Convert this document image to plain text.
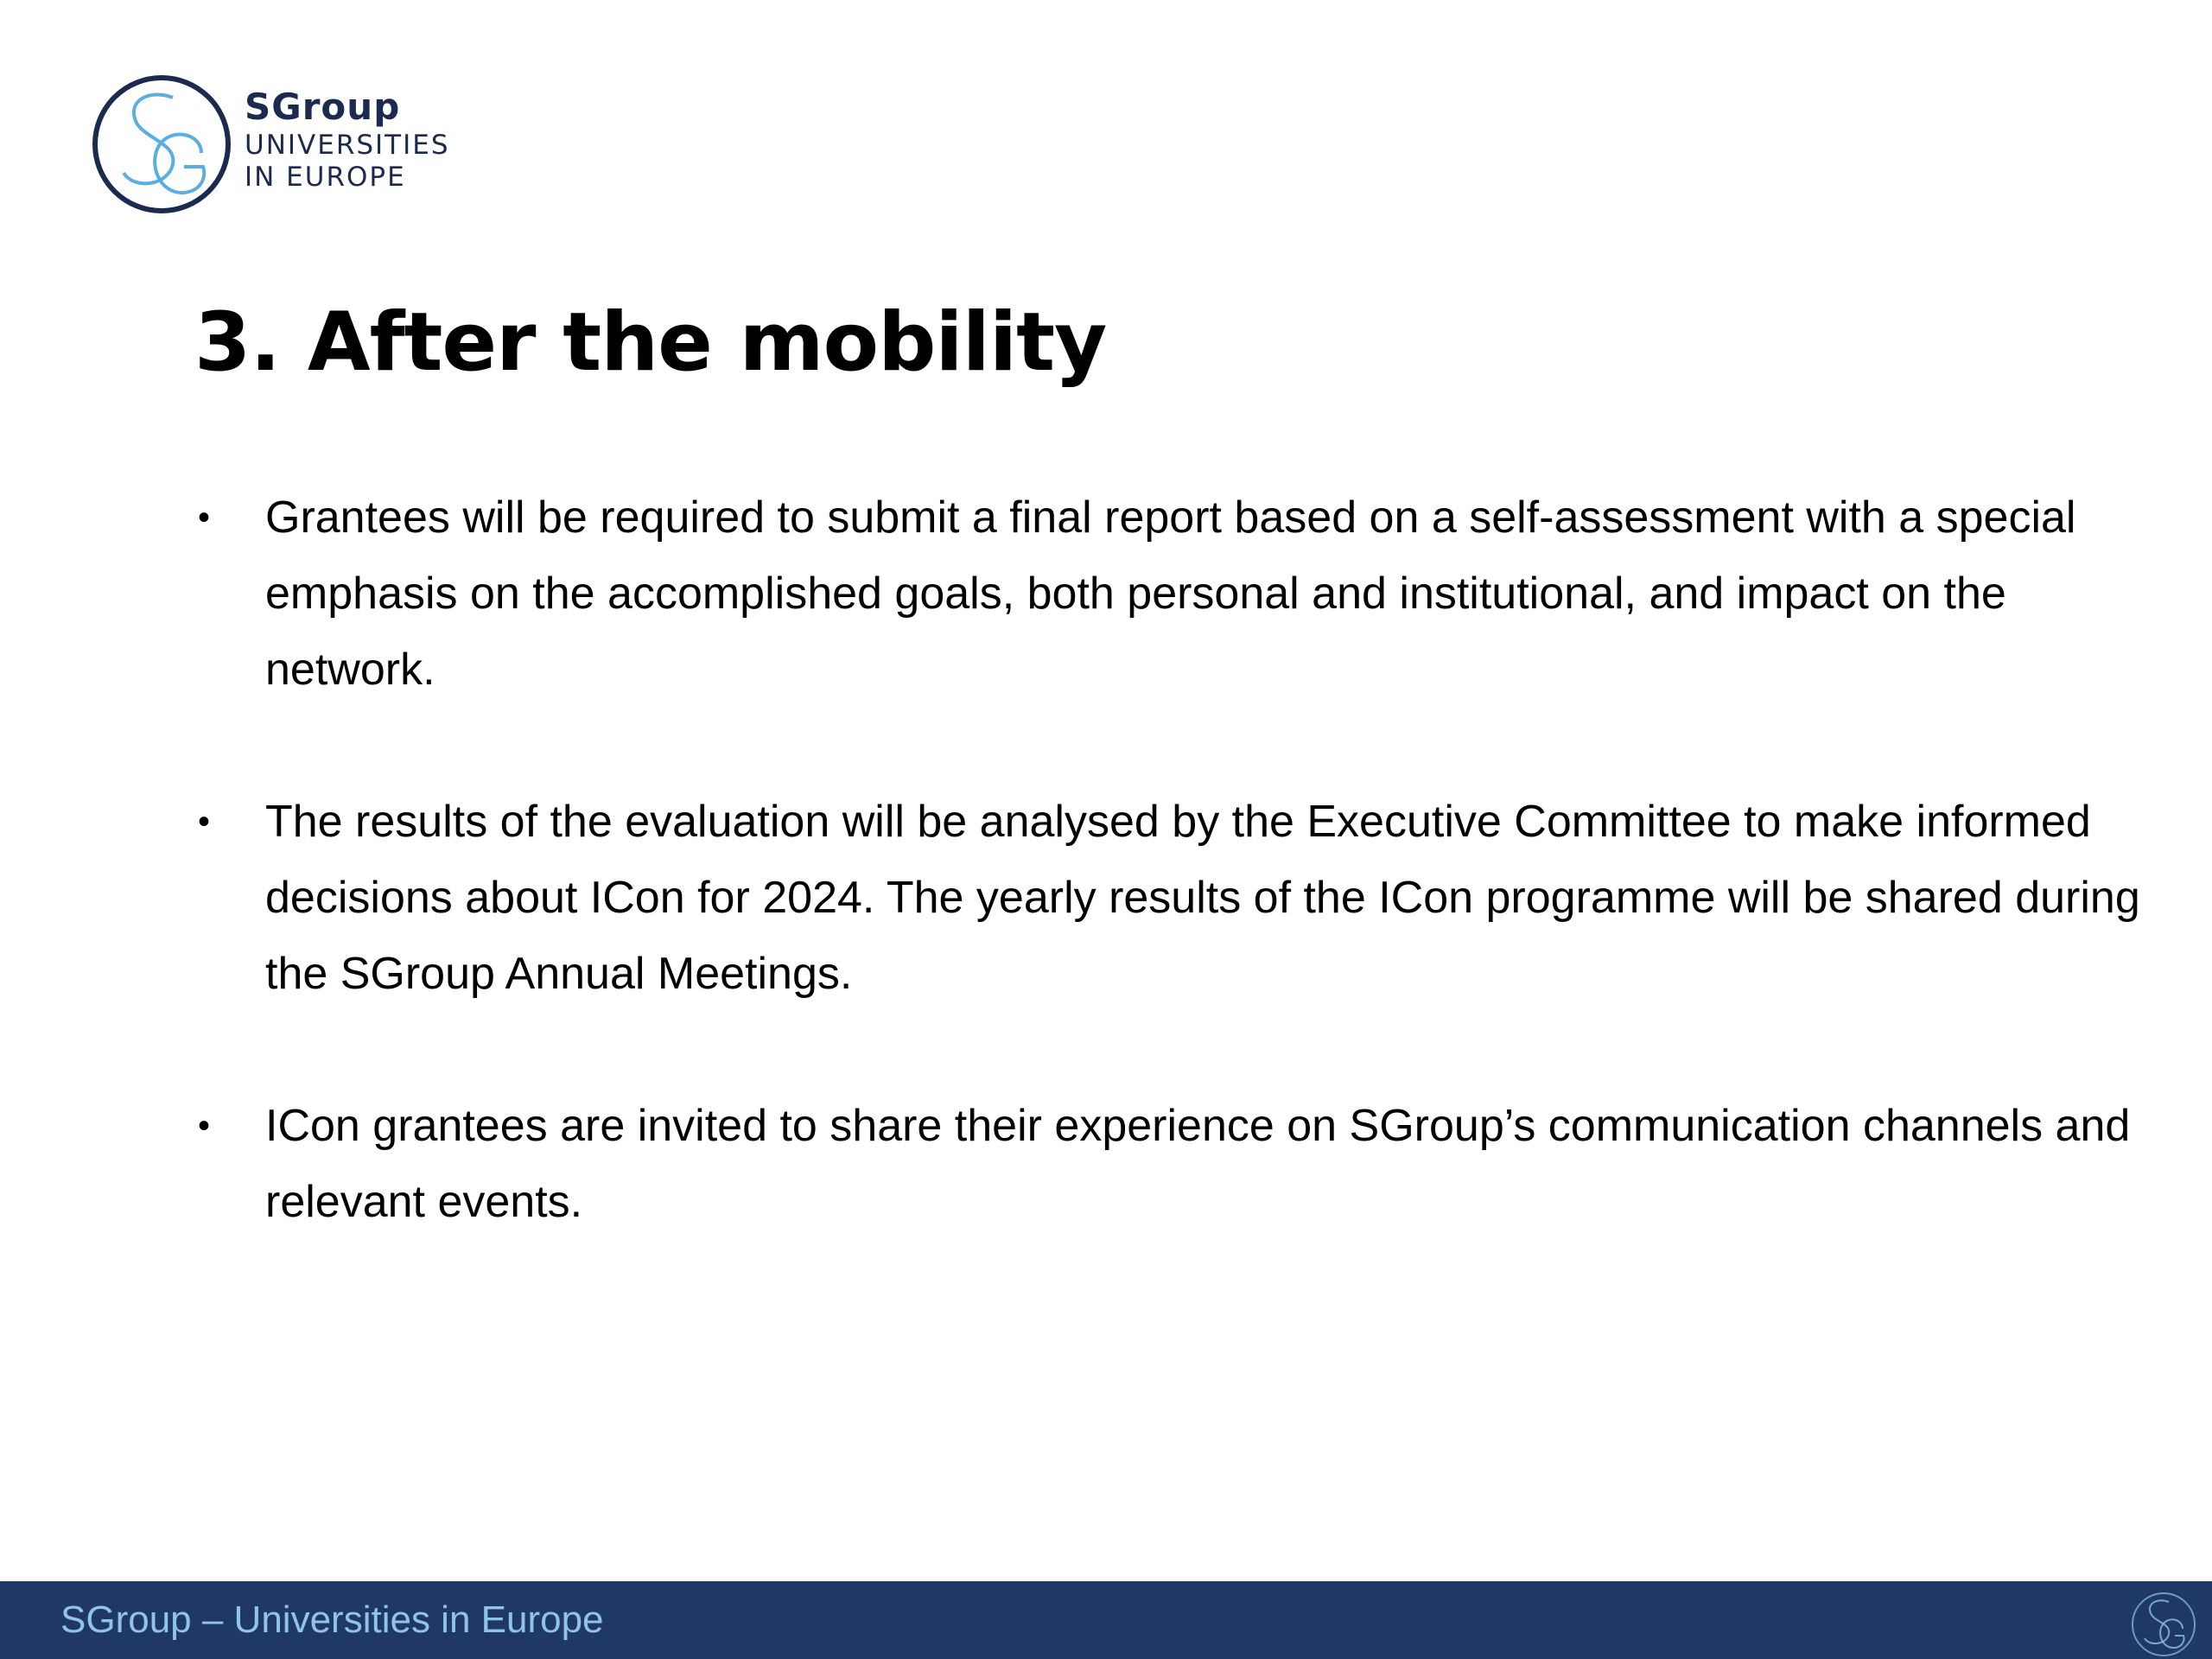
SGroup
UNIVERSITIES
IN EUROPE
3. After the mobility
• Grantees will be required to submit a final report based on a self-assessment with a special emphasis on the accomplished goals, both personal and institutional, and impact on the network.
• The results of the evaluation will be analysed by the Executive Committee to make informed decisions about ICon for 2024. The yearly results of the ICon programme will be shared during the SGroup Annual Meetings.
• ICon grantees are invited to share their experience on SGroup’s communication channels and relevant events.
SGroup – Universities in Europe
